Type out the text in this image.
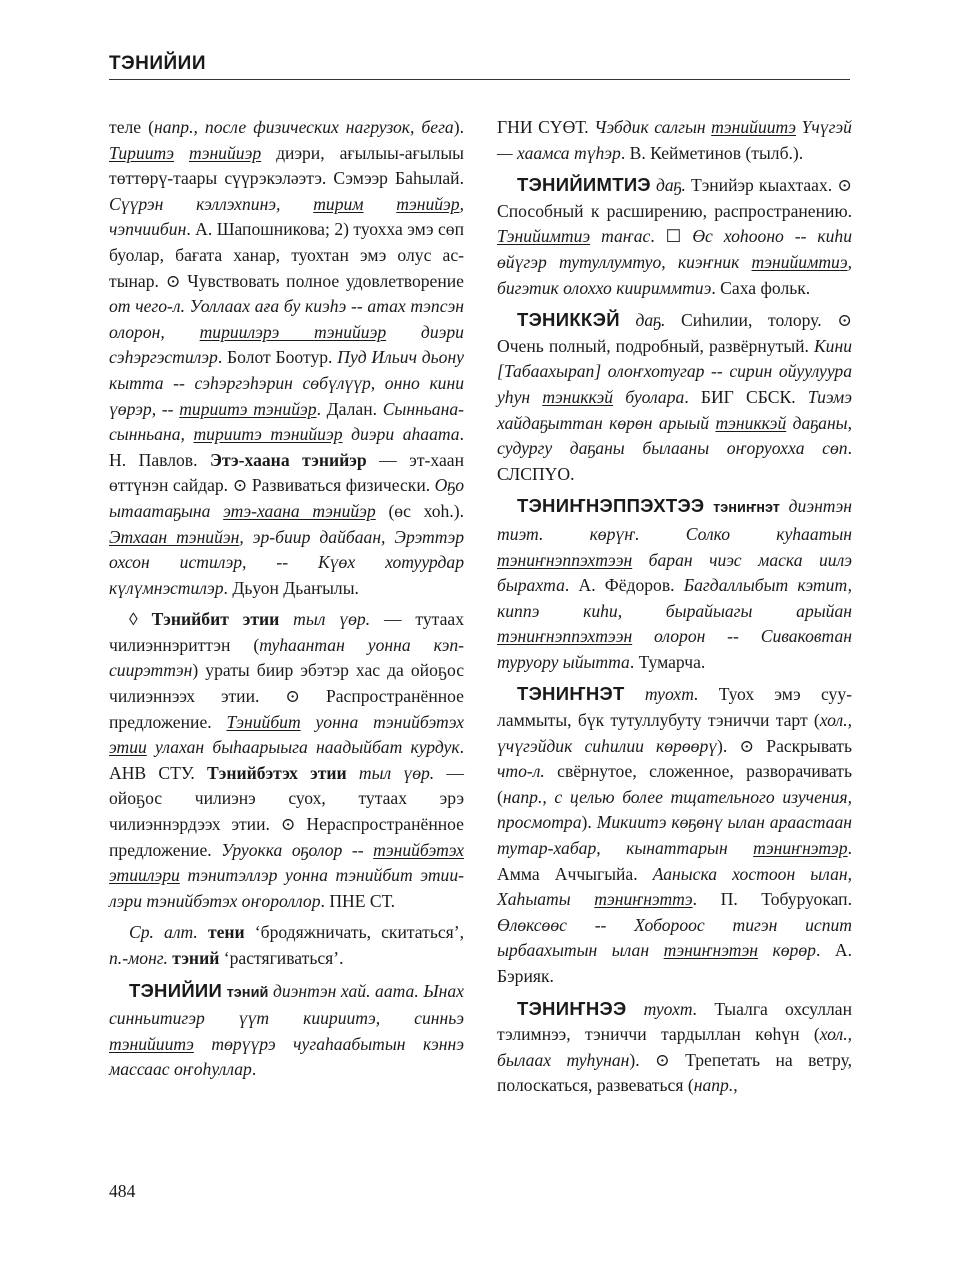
ТЭНИЙИИ

теле (напр., после физических нагрузок, бега). Тириитэ тэнийиэр диэри, ағылыы-ағылыы төттөрү-таары сүүрэкэләэтэ. Сэмээр Баһылай. Сүүрэн кэллэхпинэ, тирим тэнийэр, чэпчиибин. А. Шапошникова; 2) туохха эмэ сөп буолар, бағата ханар, туохтан эмэ олус астынар. ⊙ Чувствовать полное удовлетворение от чего-л. Уоллаах аға бу киэһэ -- атах тэпсэн олорон, тириилэрэ тэнийиэр диэри сэһэргэстилэр. Болот Боотур. Пуд Ильич дьону кытта -- сэһэргэһэрин сөбүлүүр, онно кини үөрэр, -- тириитэ тэнийэр. Далан. Сынньана-сынньана, тириитэ тэнийиэр диэри аһаата. Н. Павлов. Этэ-хаана тэнийэр — эт-хаан өттүнэн сайдар. ⊙ Развиваться физически. Оҕо ытаатаҕына этэ-хаана тэнийэр (өс хоһ.). Этхаан тэнийэн, эр-биир дайбаан, Эрэттэр охсон истилэр, -- Күөх хотуурдар күлүмнэстилэр. Дьуон Дьаҥылы.

◊ Тэнийбит этии тыл үөр. — тутаах чилиэннэриттэн (туһаантан уонна кэпсиирэттэн) ураты биир эбэтэр хас да ойоҕос чилиэннээх этии. ⊙ Распространённое предложение. Тэнийбит уонна тэнийбэтэх этии улахан быһаарыыга наадыйбат курдук. АНВ СТУ. Тэнийбэтэх этии тыл үөр. — ойоҕос чилиэнэ суох, тутаах эрэ чилиэннэрдээх этии. ⊙ Нераспространённое предложение. Уруокка оҕолор -- тэнийбэтэх этиилэри тэнитэллэр уонна тэнийбит этиилэри тэнийбэтэх оҥороллор. ПНЕ СТ.

Ср. алт. тени ‘бродяжничать, скитаться’, п.-монг. тэний ‘растягиваться’.

ТЭНИЙИИ тэний диэнтэн хай. аата. Ынах синньитигэр үүт киириитэ, синньэ тэнийиитэ төрүүрэ чугаһаабытын кэннэ массаас оҥоһуллар.

ГНИ СҮӨТ. Чэбдик салгын тэнийиитэ Үчүгэй — хаамса түһэр. В. Кейметинов (тылб.).

ТЭНИЙИМТИЭ даҕ. Тэнийэр кыахтаах. ⊙ Способный к расширению, распространению. Тэнийимтиэ таҥас. ☐ Өс хоһооно -- киһи өйүгэр тутуллумтуо, киэҥник тэнийимтиэ, бигэтик олоххо киириммтиэ. Саха фольк.

ТЭНИККЭЙ даҕ. Сиһилии, толору. ⊙ Очень полный, подробный, развёрнутый. Кини [Табаахырап] олоҥхотугар -- сирин ойуулуура уһун тэниккэй буолара. БИГ СБСК. Тиэмэ хайдаҕыттан көрөн арыый тэниккэй даҕаны, судургу даҕаны былааны оҥоруоххa сөп. СЛСПҮО.

ТЭНИҤНЭППЭХТЭЭ тэниҥнэт диэнтэн тиэт. көрүҥ. Солко куһаатын тэниҥнэппэхтээн баран чиэс маска иилэ быраxта. А. Фёдоров. Багдаллыбыт кэтит, киппэ киһи, бырайыагы арыйан тэниҥнэппэхтээн олорон -- Сиваковтан туруору ыйытта. Тумарча.

ТЭНИҤНЭТ туохт. Туох эмэ сууламмыты, бүк тутуллубуту тэниччи тарт (хол., үчүгэйдик сиһилии көрөөрү). ⊙ Раскрывать что-л. свёрнутое, сложенное, разворачивать (напр., с целью более тщательного изучения, просмотра). Микиитэ көҕөнү ылан араастаан тутар-хабар, кынаттарын тэниҥнэтэр. Амма Аччыгыйа. Ааныска хостоон ылан, Хаһыаты тэниҥнэттэ. П. Тобуруокап. Өлөксөөс -- Хобороос тигэн испит ырбаахытын ылан тэниҥнэтэн көрөр. А. Бэрияк.

ТЭНИҤНЭЭ туохт. Тыалга охсуллан тэлимнээ, тэниччи тардыллан көһүн (хол., былаах туһунан). ⊙ Трепетать на ветру, полоскаться, развеваться (напр.,

484
